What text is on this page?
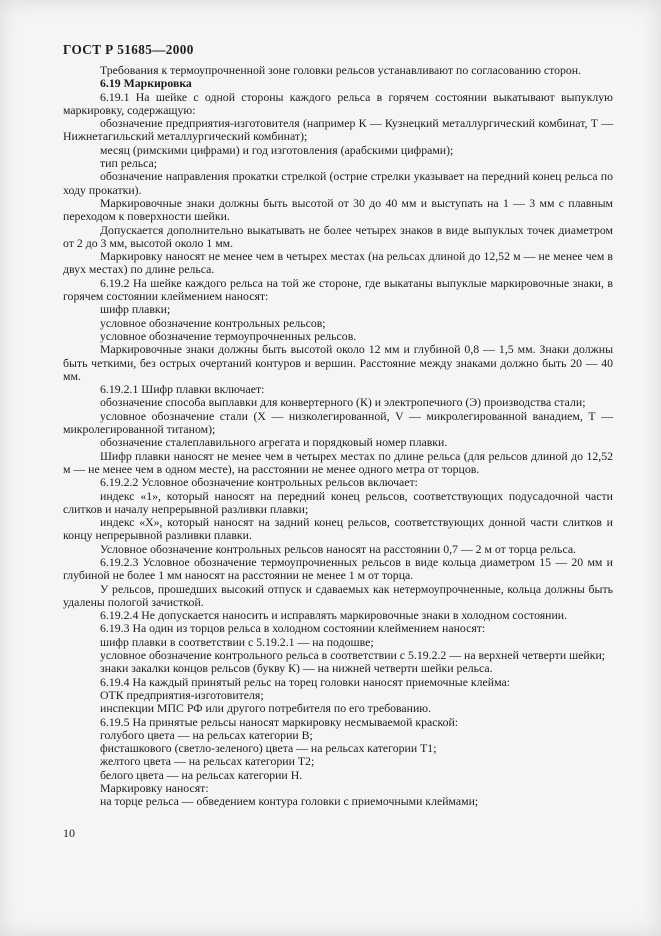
ГОСТ Р 51685—2000

Требования к термоупрочненной зоне головки рельсов устанавливают по согласованию сторон.

6.19 Маркировка

6.19.1 На шейке с одной стороны каждого рельса в горячем состоянии выкатывают выпуклую маркировку, содержащую:

обозначение предприятия-изготовителя (например К — Кузнецкий металлургический комбинат, Т — Нижнетагильский металлургический комбинат);

месяц (римскими цифрами) и год изготовления (арабскими цифрами);

тип рельса;

обозначение направления прокатки стрелкой (острие стрелки указывает на передний конец рельса по ходу прокатки).

Маркировочные знаки должны быть высотой от 30 до 40 мм и выступать на 1 — 3 мм с плавным переходом к поверхности шейки.

Допускается дополнительно выкатывать не более четырех знаков в виде выпуклых точек диаметром от 2 до 3 мм, высотой около 1 мм.

Маркировку наносят не менее чем в четырех местах (на рельсах длиной до 12,52 м — не менее чем в двух местах) по длине рельса.

6.19.2 На шейке каждого рельса на той же стороне, где выкатаны выпуклые маркировочные знаки, в горячем состоянии клеймением наносят:

шифр плавки;

условное обозначение контрольных рельсов;

условное обозначение термоупрочненных рельсов.

Маркировочные знаки должны быть высотой около 12 мм и глубиной 0,8 — 1,5 мм. Знаки должны быть четкими, без острых очертаний контуров и вершин. Расстояние между знаками должно быть 20 — 40 мм.

6.19.2.1 Шифр плавки включает:

обозначение способа выплавки для конвертерного (К) и электропечного (Э) производства стали;

условное обозначение стали (Х — низколегированной, V — микролегированной ванадием, Т — микролегированной титаном);

обозначение сталеплавильного агрегата и порядковый номер плавки.

Шифр плавки наносят не менее чем в четырех местах по длине рельса (для рельсов длиной до 12,52 м — не менее чем в одном месте), на расстоянии не менее одного метра от торцов.

6.19.2.2 Условное обозначение контрольных рельсов включает:

индекс «1», который наносят на передний конец рельсов, соответствующих подусадочной части слитков и началу непрерывной разливки плавки;

индекс «Х», который наносят на задний конец рельсов, соответствующих донной части слитков и концу непрерывной разливки плавки.

Условное обозначение контрольных рельсов наносят на расстоянии 0,7 — 2 м от торца рельса.

6.19.2.3 Условное обозначение термоупрочненных рельсов в виде кольца диаметром 15 — 20 мм и глубиной не более 1 мм наносят на расстоянии не менее 1 м от торца.

У рельсов, прошедших высокий отпуск и сдаваемых как нетермоупрочненные, кольца должны быть удалены пологой зачисткой.

6.19.2.4 Не допускается наносить и исправлять маркировочные знаки в холодном состоянии.

6.19.3 На один из торцов рельса в холодном состоянии клеймением наносят:

шифр плавки в соответствии с 5.19.2.1 — на подошве;

условное обозначение контрольного рельса в соответствии с 5.19.2.2 — на верхней четверти шейки;

знаки закалки концов рельсов (букву К) — на нижней четверти шейки рельса.

6.19.4 На каждый принятый рельс на торец головки наносят приемочные клейма:

ОТК предприятия-изготовителя;

инспекции МПС РФ или другого потребителя по его требованию.

6.19.5 На принятые рельсы наносят маркировку несмываемой краской:

голубого цвета — на рельсах категории В;

фисташкового (светло-зеленого) цвета — на рельсах категории Т1;

желтого цвета — на рельсах категории Т2;

белого цвета — на рельсах категории Н.

Маркировку наносят:

на торце рельса — обведением контура головки с приемочными клеймами;

10
